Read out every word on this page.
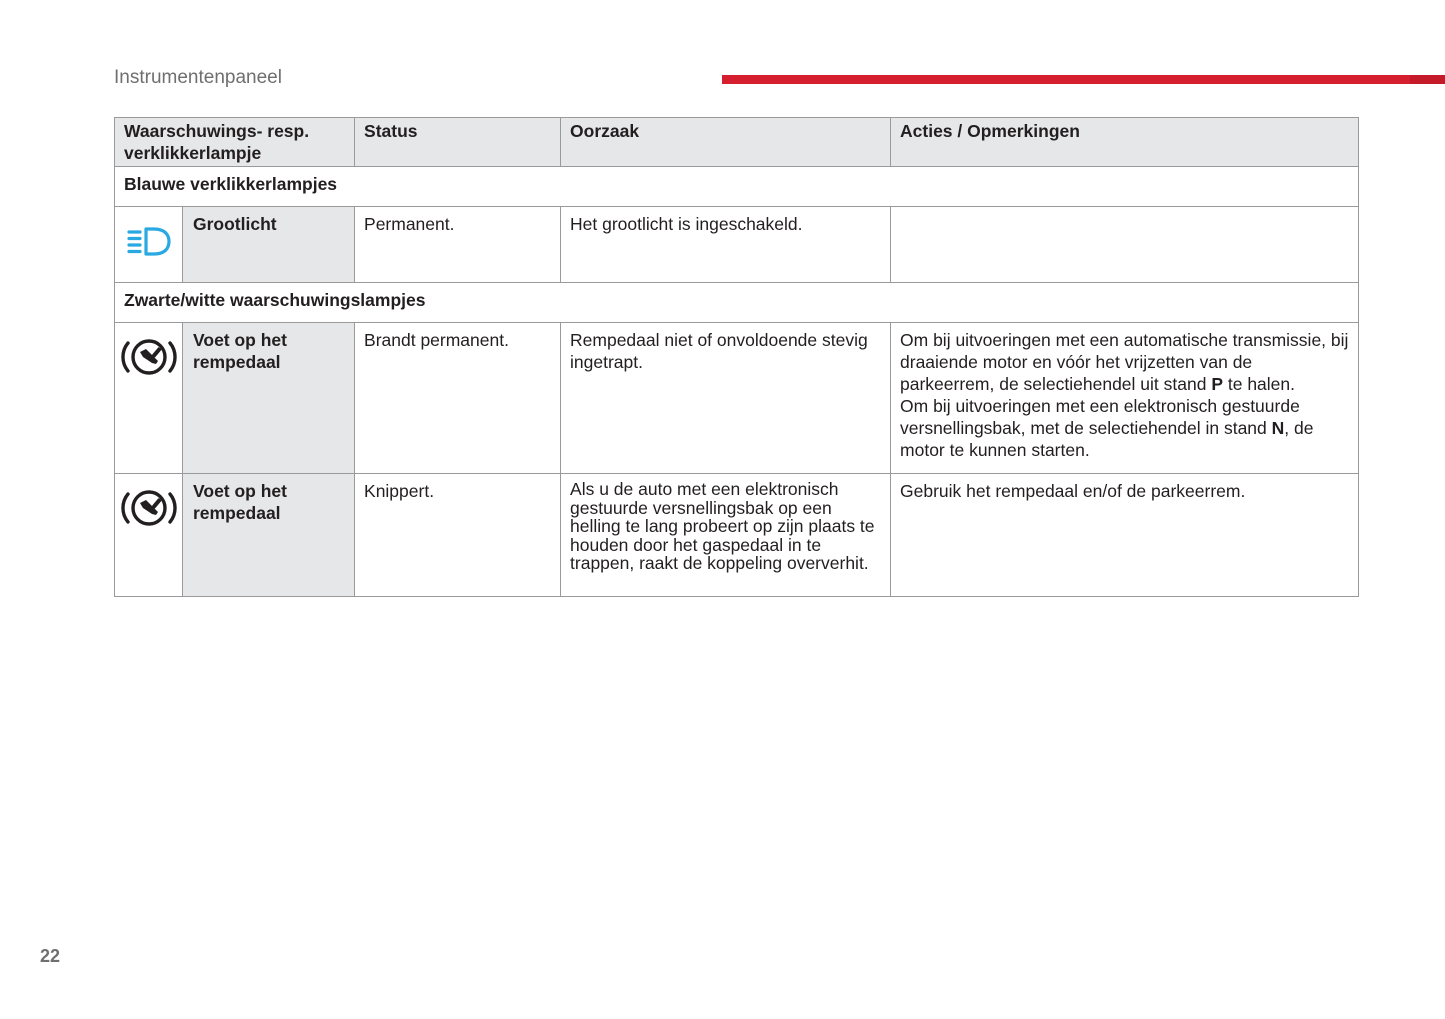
Instrumentenpaneel
Waarschuwings- resp. verklikkerlampje		Status	Oorzaak	Acties / Opmerkingen
Blauwe verklikkerlampjes				

	Grootlicht	Permanent.	Het grootlicht is ingeschakeld.	
Zwarte/witte waarschuwingslampjes				

	Voet op het rempedaal	Brandt permanent.	Rempedaal niet of onvoldoende stevig ingetrapt.	Om bij uitvoeringen met een automatische transmissie, bij draaiende motor en vóór het vrijzetten van de parkeerrem, de selectiehendel uit stand P te halen.
Om bij uitvoeringen met een elektronisch gestuurde versnellingsbak, met de selectiehendel in stand N, de motor te kunnen starten.

	Voet op het rempedaal	Knippert.	Als u de auto met een elektronisch gestuurde versnellingsbak op een helling te lang probeert op zijn plaats te houden door het gaspedaal in te trappen, raakt de koppeling oververhit.	Gebruik het rempedaal en/of de parkeerrem.
22
